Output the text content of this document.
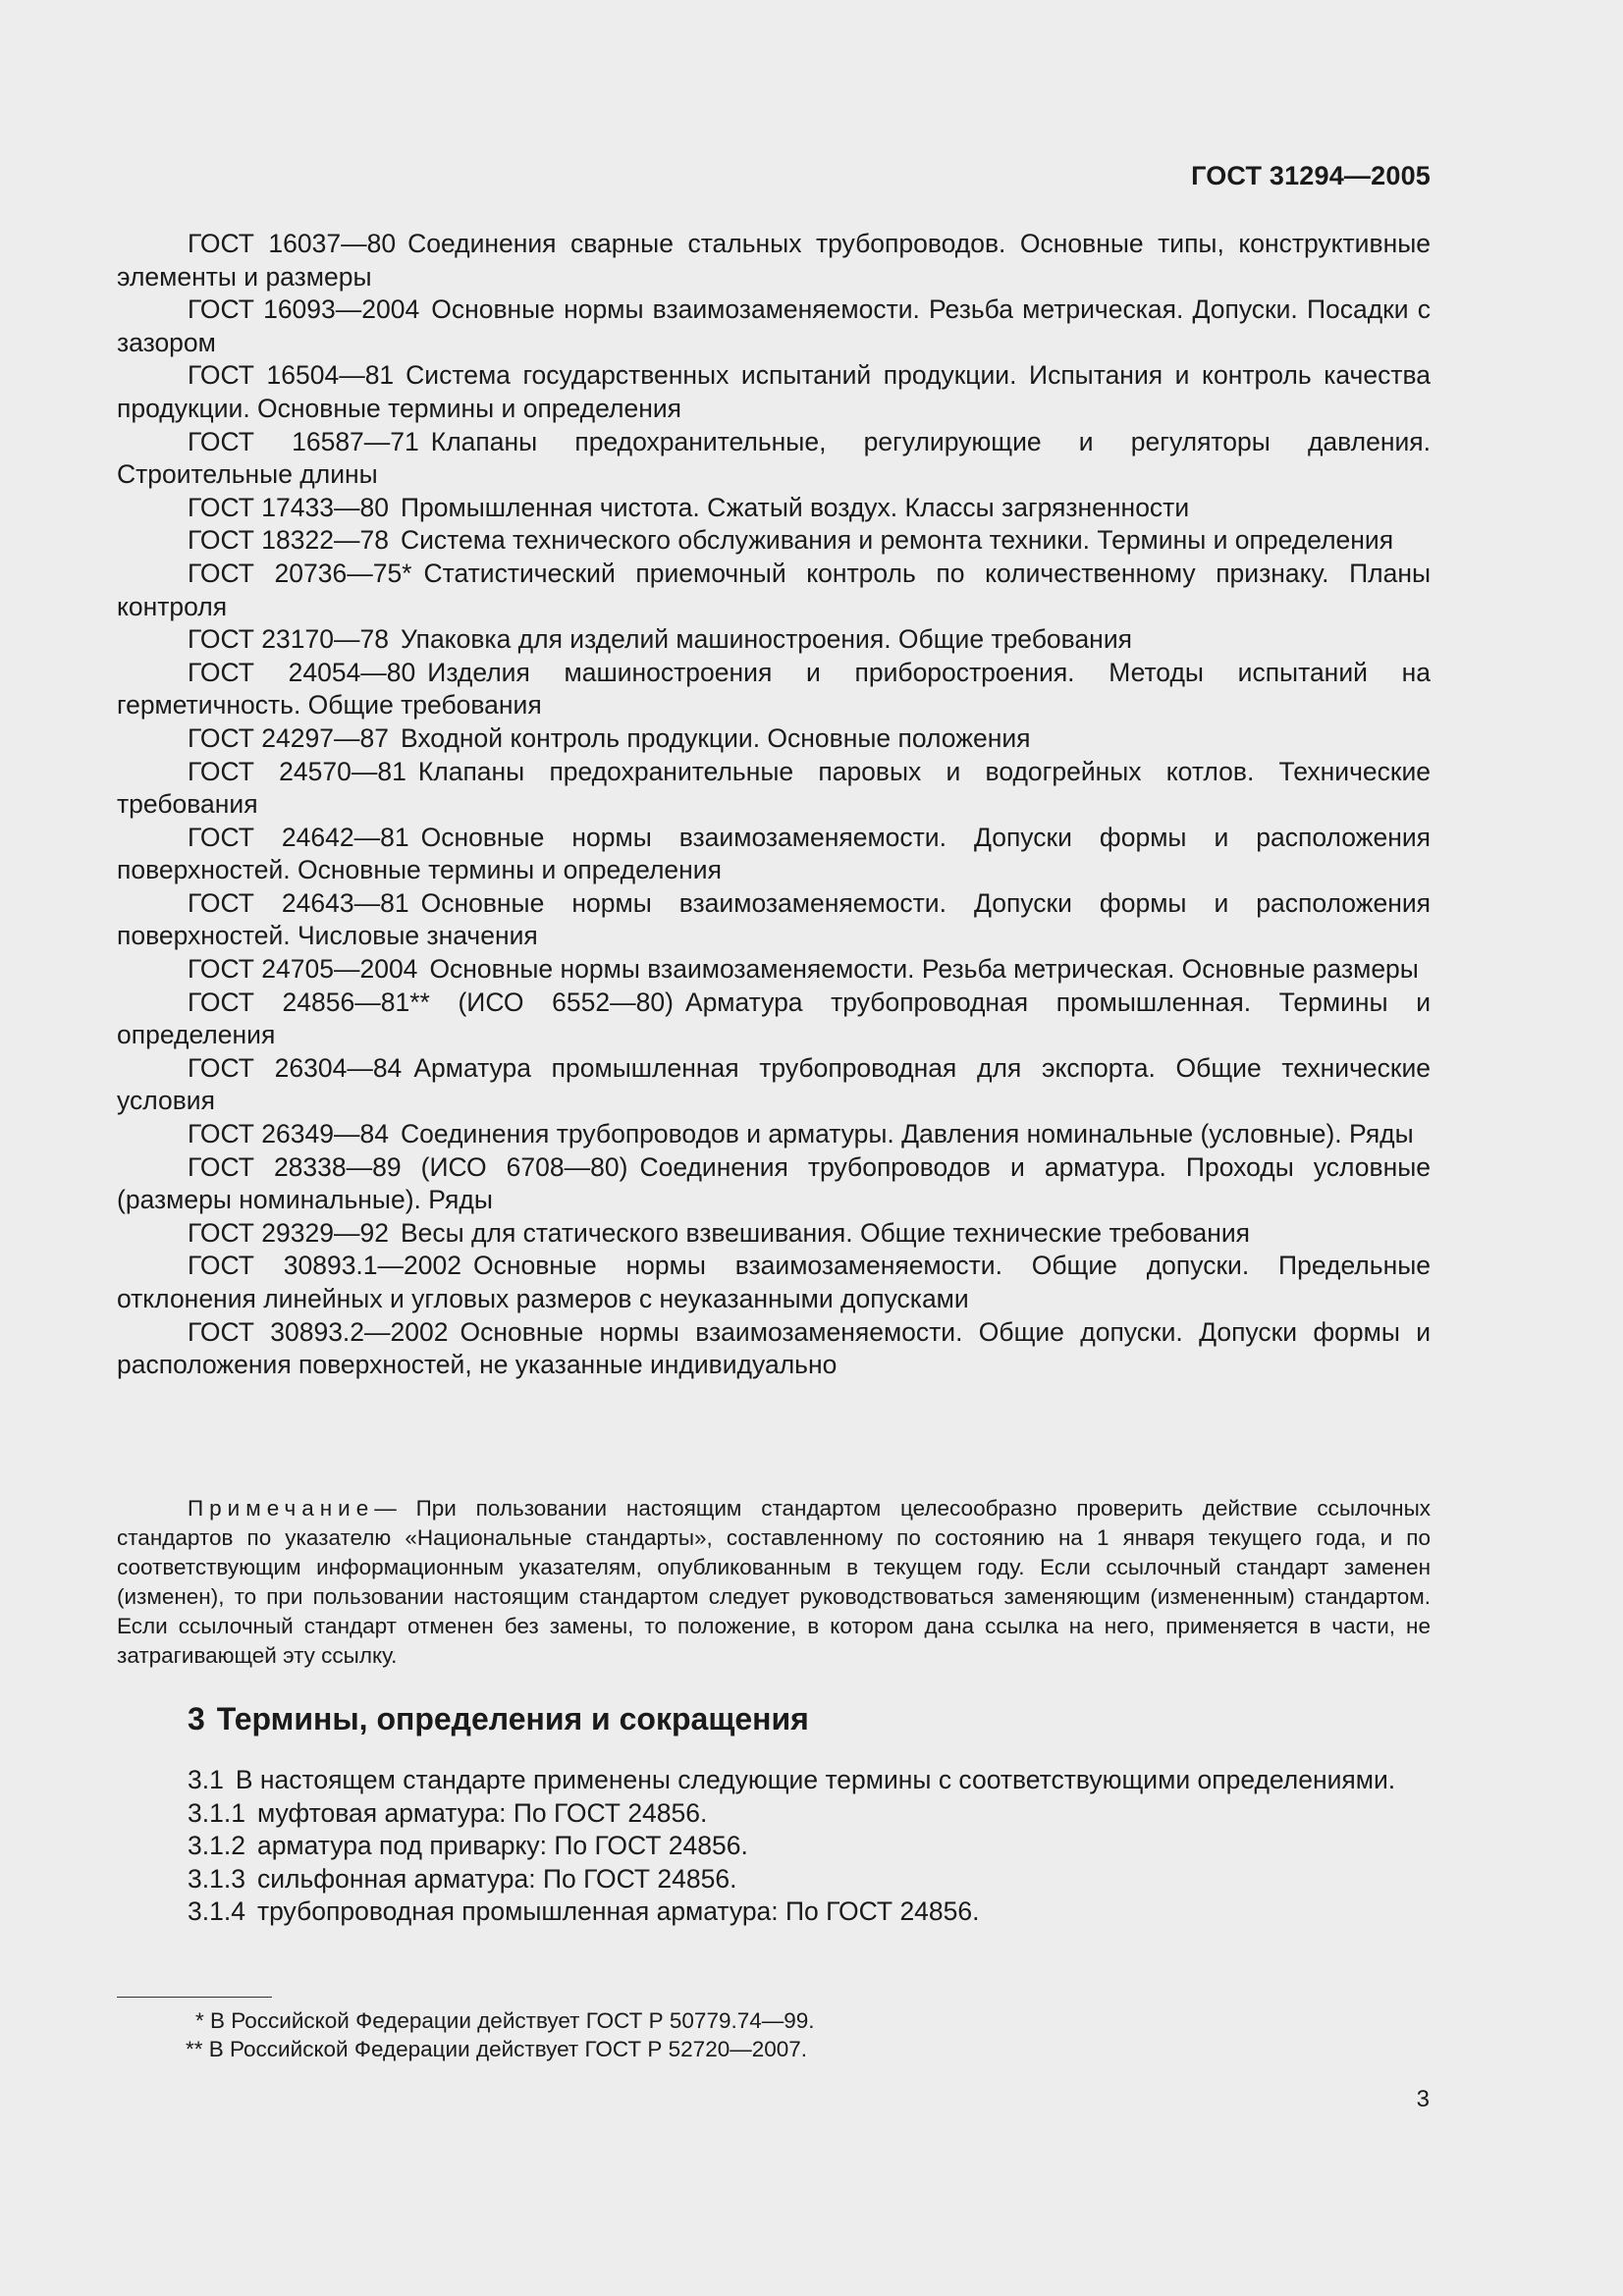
ГОСТ 31294—2005

ГОСТ 16037—80 Соединения сварные стальных трубопроводов. Основные типы, конструктивные элементы и размеры

ГОСТ 16093—2004 Основные нормы взаимозаменяемости. Резьба метрическая. Допуски. Посадки с зазором

ГОСТ 16504—81 Система государственных испытаний продукции. Испытания и контроль качества продукции. Основные термины и определения

ГОСТ 16587—71 Клапаны предохранительные, регулирующие и регуляторы давления. Строительные длины

ГОСТ 17433—80 Промышленная чистота. Сжатый воздух. Классы загрязненности

ГОСТ 18322—78 Система технического обслуживания и ремонта техники. Термины и определения

ГОСТ 20736—75* Статистический приемочный контроль по количественному признаку. Планы контроля

ГОСТ 23170—78 Упаковка для изделий машиностроения. Общие требования

ГОСТ 24054—80 Изделия машиностроения и приборостроения. Методы испытаний на герметичность. Общие требования

ГОСТ 24297—87 Входной контроль продукции. Основные положения

ГОСТ 24570—81 Клапаны предохранительные паровых и водогрейных котлов. Технические требования

ГОСТ 24642—81 Основные нормы взаимозаменяемости. Допуски формы и расположения поверхностей. Основные термины и определения

ГОСТ 24643—81 Основные нормы взаимозаменяемости. Допуски формы и расположения поверхностей. Числовые значения

ГОСТ 24705—2004 Основные нормы взаимозаменяемости. Резьба метрическая. Основные размеры

ГОСТ 24856—81** (ИСО 6552—80) Арматура трубопроводная промышленная. Термины и определения

ГОСТ 26304—84 Арматура промышленная трубопроводная для экспорта. Общие технические условия

ГОСТ 26349—84 Соединения трубопроводов и арматуры. Давления номинальные (условные). Ряды

ГОСТ 28338—89 (ИСО 6708—80) Соединения трубопроводов и арматура. Проходы условные (размеры номинальные). Ряды

ГОСТ 29329—92 Весы для статического взвешивания. Общие технические требования

ГОСТ 30893.1—2002 Основные нормы взаимозаменяемости. Общие допуски. Предельные отклонения линейных и угловых размеров с неуказанными допусками

ГОСТ 30893.2—2002 Основные нормы взаимозаменяемости. Общие допуски. Допуски формы и расположения поверхностей, не указанные индивидуально

Примечание— При пользовании настоящим стандартом целесообразно проверить действие ссылочных стандартов по указателю «Национальные стандарты», составленному по состоянию на 1 января текущего года, и по соответствующим информационным указателям, опубликованным в текущем году. Если ссылочный стандарт заменен (изменен), то при пользовании настоящим стандартом следует руководствоваться заменяющим (измененным) стандартом. Если ссылочный стандарт отменен без замены, то положение, в котором дана ссылка на него, применяется в части, не затрагивающей эту ссылку.

3 Термины, определения и сокращения

3.1 В настоящем стандарте применены следующие термины с соответствующими определениями.

3.1.1 муфтовая арматура: По ГОСТ 24856.

3.1.2 арматура под приварку: По ГОСТ 24856.

3.1.3 сильфонная арматура: По ГОСТ 24856.

3.1.4 трубопроводная промышленная арматура: По ГОСТ 24856.

* В Российской Федерации действует ГОСТ Р 50779.74—99.

** В Российской Федерации действует ГОСТ Р 52720—2007.

3
